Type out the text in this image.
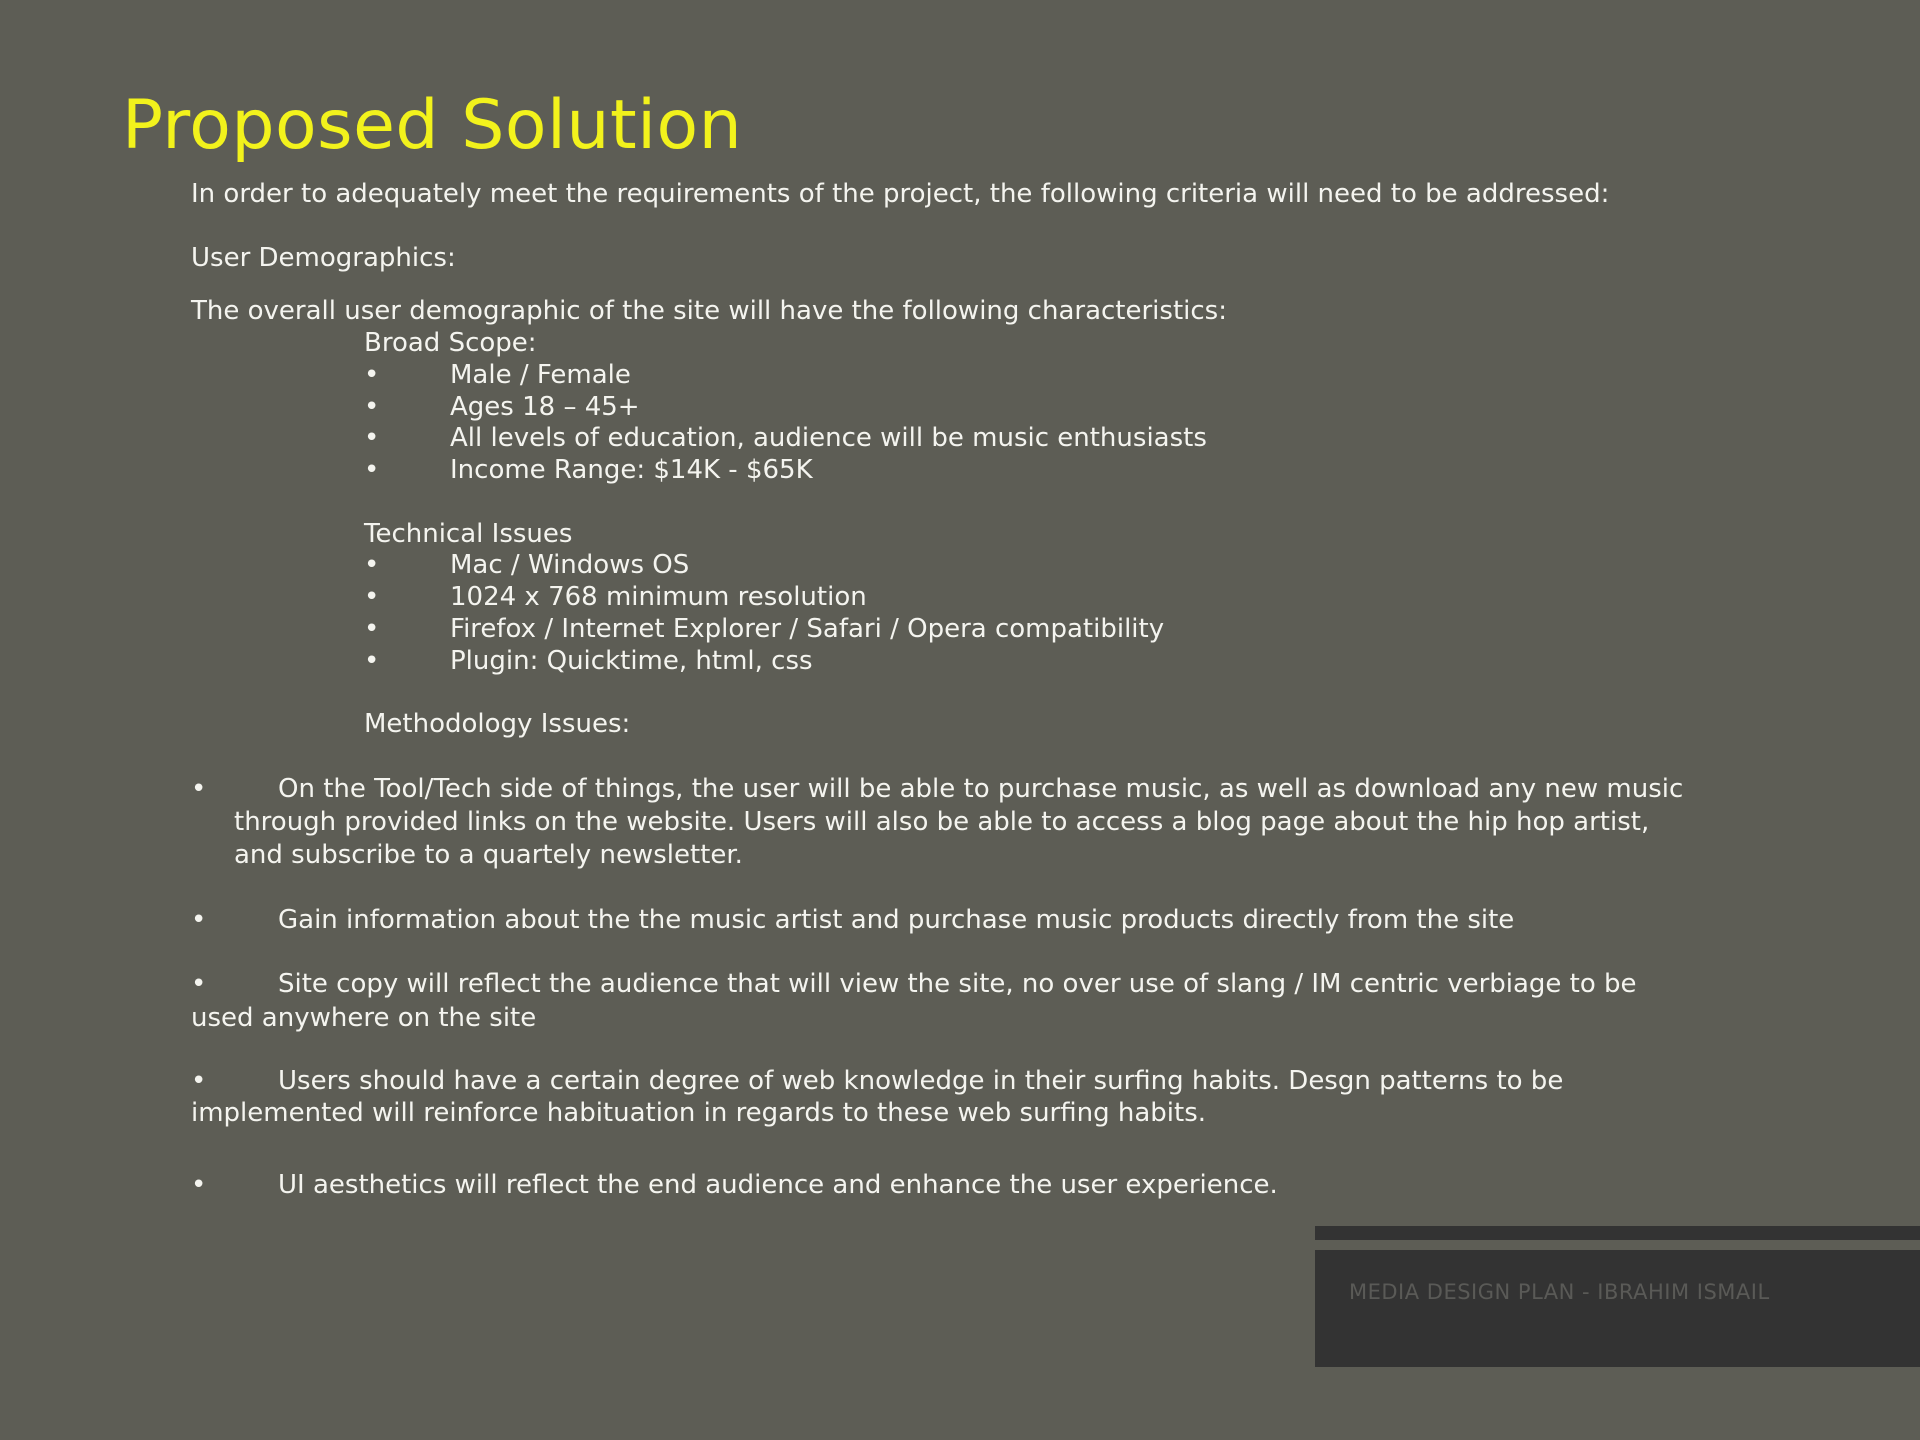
Proposed Solution

In order to adequately meet the requirements of the project, the following criteria will need to be addressed:

User Demographics:

The overall user demographic of the site will have the following characteristics:

Broad Scope:

•	Male / Female

•	Ages 18 – 45+

•	All levels of education, audience will be music enthusiasts

•	Income Range: $14K - $65K

Technical Issues

•	Mac / Windows OS

•	1024 x 768 minimum resolution

•	Firefox / Internet Explorer / Safari / Opera compatibility

•	Plugin: Quicktime, html, css

Methodology Issues:

•	On the Tool/Tech side of things, the user will be able to purchase music, as well as download any new music

through provided links on the website. Users will also be able to access a blog page about the hip hop artist,

and subscribe to a quartely newsletter.

•	Gain information about the the music artist and purchase music products directly from the site

•	Site copy will reflect the audience that will view the site, no over use of slang / IM centric verbiage to be

used anywhere on the site

•	Users should have a certain degree of web knowledge in their surfing habits. Desgn patterns to be

implemented will reinforce habituation in regards to these web surfing habits.

•	UI aesthetics will reflect the end audience and enhance the user experience.

MEDIA DESIGN PLAN - IBRAHIM ISMAIL
